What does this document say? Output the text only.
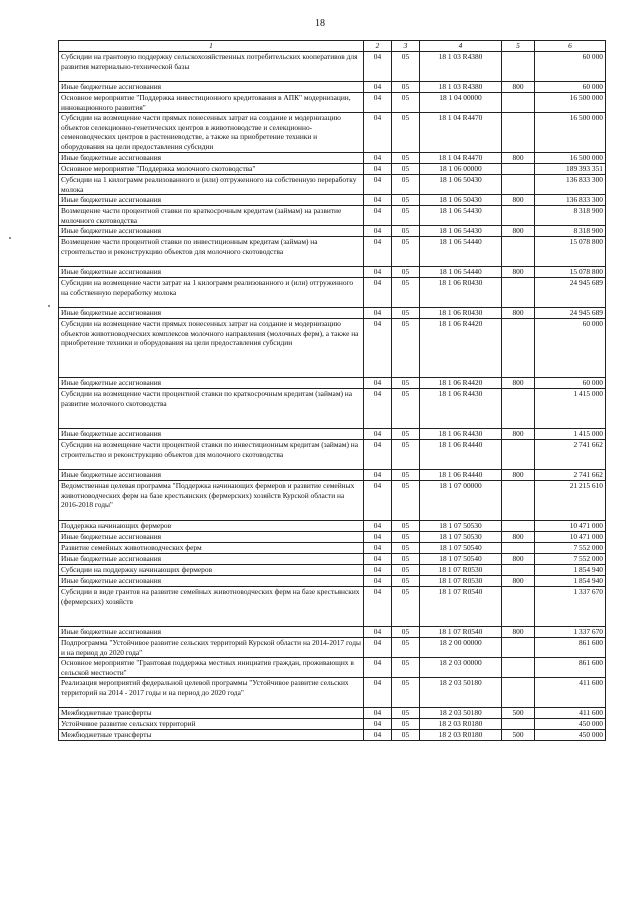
18
1	2	3	4	5	6
Субсидии на грантовую поддержку сельскохозяйственных потребительских кооперативов для развития материально-технической базы	04	05	18 1 03 R4380		60 000
Иные бюджетные ассигнования	04	05	18 1 03 R4380	800	60 000
Основное мероприятие "Поддержка инвестиционного кредитования в АПК" модернизации, инновационного развития"	04	05	18 1 04 00000		16 500 000
Субсидии на возмещение части прямых понесенных затрат на создание и модернизацию объектов селекционно-генетических центров в животноводстве и селекционно-семеноводческих центров в растениеводстве, а также на приобретение техники и оборудования на цели предоставления субсидии	04	05	18 1 04 R4470		16 500 000
Иные бюджетные ассигнования	04	05	18 1 04 R4470	800	16 500 000
Основное мероприятие "Поддержка молочного скотоводства"	04	05	18 1 06 00000		189 393 351
Субсидии на 1 килограмм реализованного и (или) отгруженного на собственную переработку молока	04	05	18 1 06 50430		136 833 300
Иные бюджетные ассигнования	04	05	18 1 06 50430	800	136 833 300
Возмещение части процентной ставки по краткосрочным кредитам (займам) на развитие молочного скотоводства	04	05	18 1 06 54430		8 318 900
Иные бюджетные ассигнования	04	05	18 1 06 54430	800	8 318 900
Возмещение части процентной ставки по инвестиционным кредитам (займам) на строительство и реконструкцию объектов для молочного скотоводства	04	05	18 1 06 54440		15 078 800
Иные бюджетные ассигнования	04	05	18 1 06 54440	800	15 078 800
Субсидии на возмещение части затрат на 1 килограмм реализованного и (или) отгруженного на собственную переработку молока	04	05	18 1 06 R0430		24 945 689
Иные бюджетные ассигнования	04	05	18 1 06 R0430	800	24 945 689
Субсидии на возмещение части прямых понесенных затрат на создание и модернизацию объектов животноводческих комплексов молочного направления (молочных ферм), а также на приобретение техники и оборудования на цели предоставления субсидии	04	05	18 1 06 R4420		60 000
Иные бюджетные ассигнования	04	05	18 1 06 R4420	800	60 000
Субсидии на возмещение части процентной ставки по краткосрочным кредитам (займам) на развитие молочного скотоводства	04	05	18 1 06 R4430		1 415 000
Иные бюджетные ассигнования	04	05	18 1 06 R4430	800	1 415 000
Субсидии на возмещение части процентной ставки по инвестиционным кредитам (займам) на строительство и реконструкцию объектов для молочного скотоводства	04	05	18 1 06 R4440		2 741 662
Иные бюджетные ассигнования	04	05	18 1 06 R4440	800	2 741 662
Ведомственная целевая программа "Поддержка начинающих фермеров и развитие семейных животноводческих ферм на базе крестьянских (фермерских) хозяйств Курской области на 2016-2018 годы"	04	05	18 1 07 00000		21 215 610
Поддержка начинающих фермеров	04	05	18 1 07 50530		10 471 000
Иные бюджетные ассигнования	04	05	18 1 07 50530	800	10 471 000
Развитие семейных животноводческих ферм	04	05	18 1 07 50540		7 552 000
Иные бюджетные ассигнования	04	05	18 1 07 50540	800	7 552 000
Субсидии на поддержку начинающих фермеров	04	05	18 1 07 R0530		1 854 940
Иные бюджетные ассигнования	04	05	18 1 07 R0530	800	1 854 940
Субсидии в виде грантов на развитие семейных животноводческих ферм на базе крестьянских (фермерских) хозяйств	04	05	18 1 07 R0540		1 337 670
Иные бюджетные ассигнования	04	05	18 1 07 R0540	800	1 337 670
Подпрограмма "Устойчивое развитие сельских территорий Курской области на 2014-2017 годы и на период до 2020 года"	04	05	18 2 00 00000		861 600
Основное мероприятие "Грантовая поддержка местных инициатив граждан, проживающих в сельской местности"	04	05	18 2 03 00000		861 600
Реализация мероприятий федеральной целевой программы "Устойчивое развитие сельских территорий на 2014 - 2017 годы и на период до 2020 года"	04	05	18 2 03 50180		411 600
Межбюджетные трансферты	04	05	18 2 03 50180	500	411 600
Устойчивое развитие сельских территорий	04	05	18 2 03 R0180		450 000
Межбюджетные трансферты	04	05	18 2 03 R0180	500	450 000
